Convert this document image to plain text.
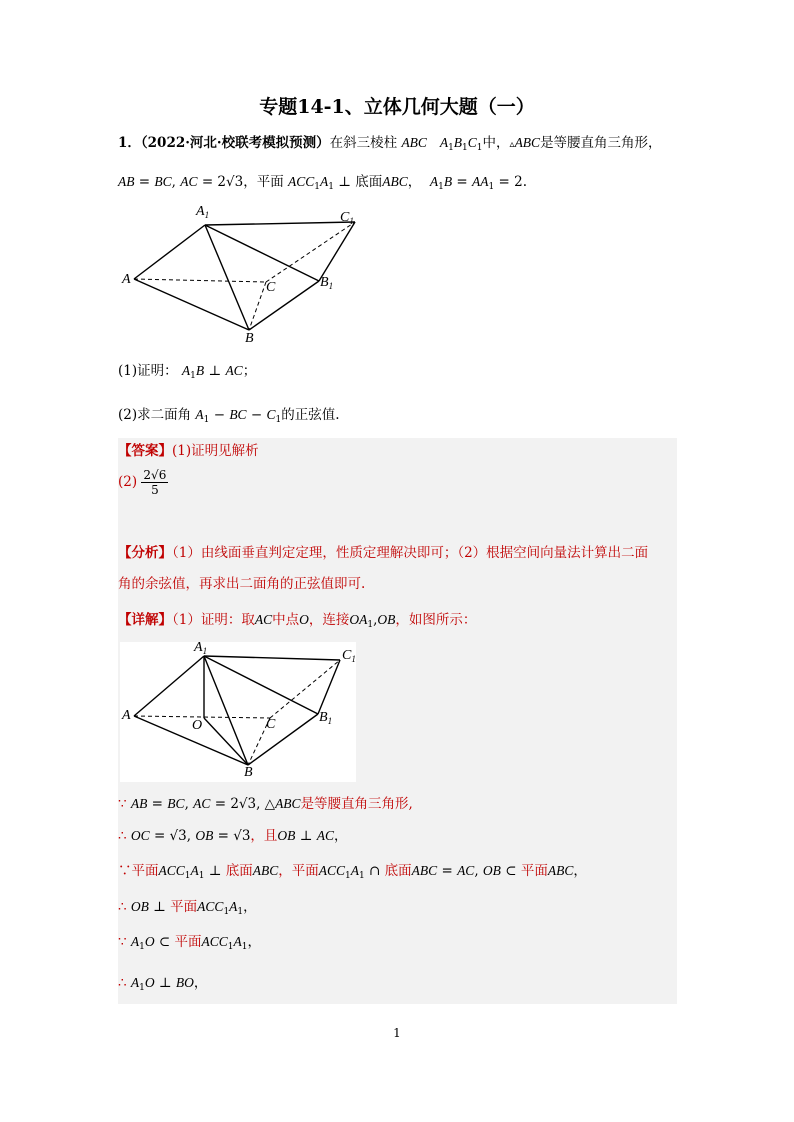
专题14-1、立体几何大题（一）
1．（2022·河北·校联考模拟预测）在斜三棱柱 ABC $A_1B_1C_1$中，▵ABC是等腰直角三角形，
AB = BC, AC = 2√3，平面 $ACC_1A_1$ ⊥ 底面ABC， $A_1B = AA_1 = 2$.
$A_1$	$C_1$
A
C	$B_1$
B
(1)证明： $A_1B$ ⊥ AC；
(2)求二面角 $A_1$ − BC − $C_1$的正弦值.
【答案】(1)证明见解析
$(2) \frac{2√6}{5}$
【分析】（1）由线面垂直判定定理，性质定理解决即可；（2）根据空间向量法计算出二面
角的余弦值，再求出二面角的正弦值即可.
【详解】（1）证明：取AC中点O，连接$OA_1,OB$，如图所示：
$A_1$	$C_1$
A
O	C	$B_1$
B
∵ AB = BC, AC = 2√3, △ABC是等腰直角三角形,
∴ OC = √3, OB = √3，且OB ⊥ AC，
∵平面$ACC_1A_1$ ⊥ 底面ABC，平面$ACC_1A_1$ ∩ 底面ABC = AC, OB ⊂ 平面ABC，
∴ OB ⊥ 平面$ACC_1A_1$，
∵ $A_1O$ ⊂ 平面$ACC_1A_1$，
∴ $A_1O$ ⊥ BO，
1
